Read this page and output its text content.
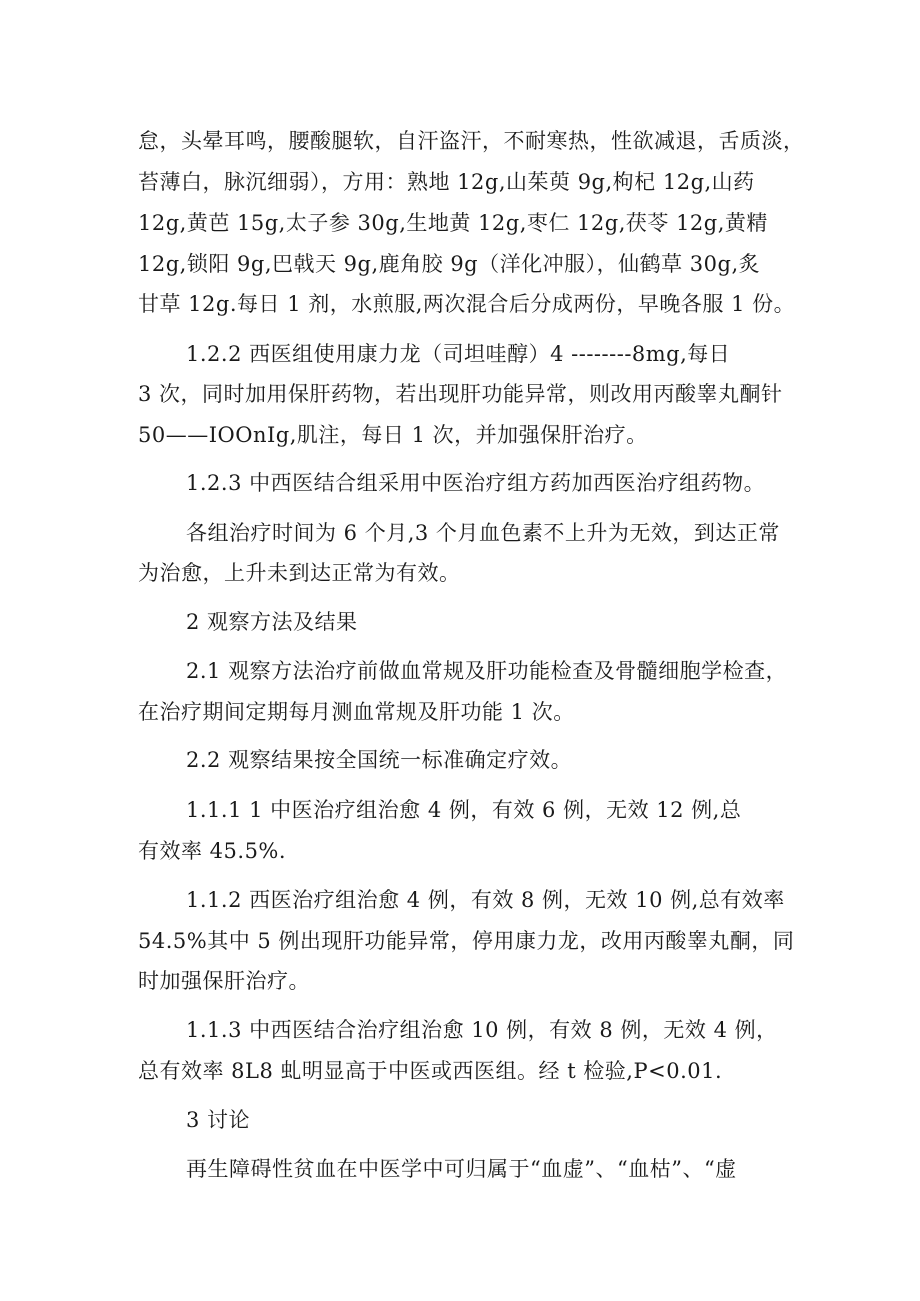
怠，头晕耳鸣，腰酸腿软，自汗盗汗，不耐寒热，性欲减退，舌质淡，
苔薄白，脉沉细弱），方用：熟地 12g,山茱萸 9g,枸杞 12g,山药
12g,黄芭 15g,太子参 30g,生地黄 12g,枣仁 12g,茯苓 12g,黄精
12g,锁阳 9g,巴戟天 9g,鹿角胶 9g（洋化冲服），仙鹤草 30g,炙
甘草 12g.每日 1 剂，水煎服,两次混合后分成两份，早晚各服 1 份。
1.2.2 西医组使用康力龙（司坦哇醇）4 --------8mg,每日
3 次，同时加用保肝药物，若出现肝功能异常，则改用丙酸睾丸酮针
50——IOOnIg,肌注，每日 1 次，并加强保肝治疗。
1.2.3 中西医结合组采用中医治疗组方药加西医治疗组药物。
各组治疗时间为 6 个月,3 个月血色素不上升为无效，到达正常
为治愈，上升未到达正常为有效。
2 观察方法及结果
2.1 观察方法治疗前做血常规及肝功能检查及骨髓细胞学检查，
在治疗期间定期每月测血常规及肝功能 1 次。
2.2 观察结果按全国统一标准确定疗效。
1.1.1 1 中医治疗组治愈 4 例，有效 6 例，无效 12 例,总
有效率 45.5%.
1.1.2 西医治疗组治愈 4 例，有效 8 例，无效 10 例,总有效率
54.5%其中 5 例出现肝功能异常，停用康力龙，改用丙酸睾丸酮，同
时加强保肝治疗。
1.1.3 中西医结合治疗组治愈 10 例，有效 8 例，无效 4 例，
总有效率 8L8 虬明显高于中医或西医组。经 t 检验,P<0.01.
3 讨论
再生障碍性贫血在中医学中可归属于“血虚”、“血枯”、“虚
